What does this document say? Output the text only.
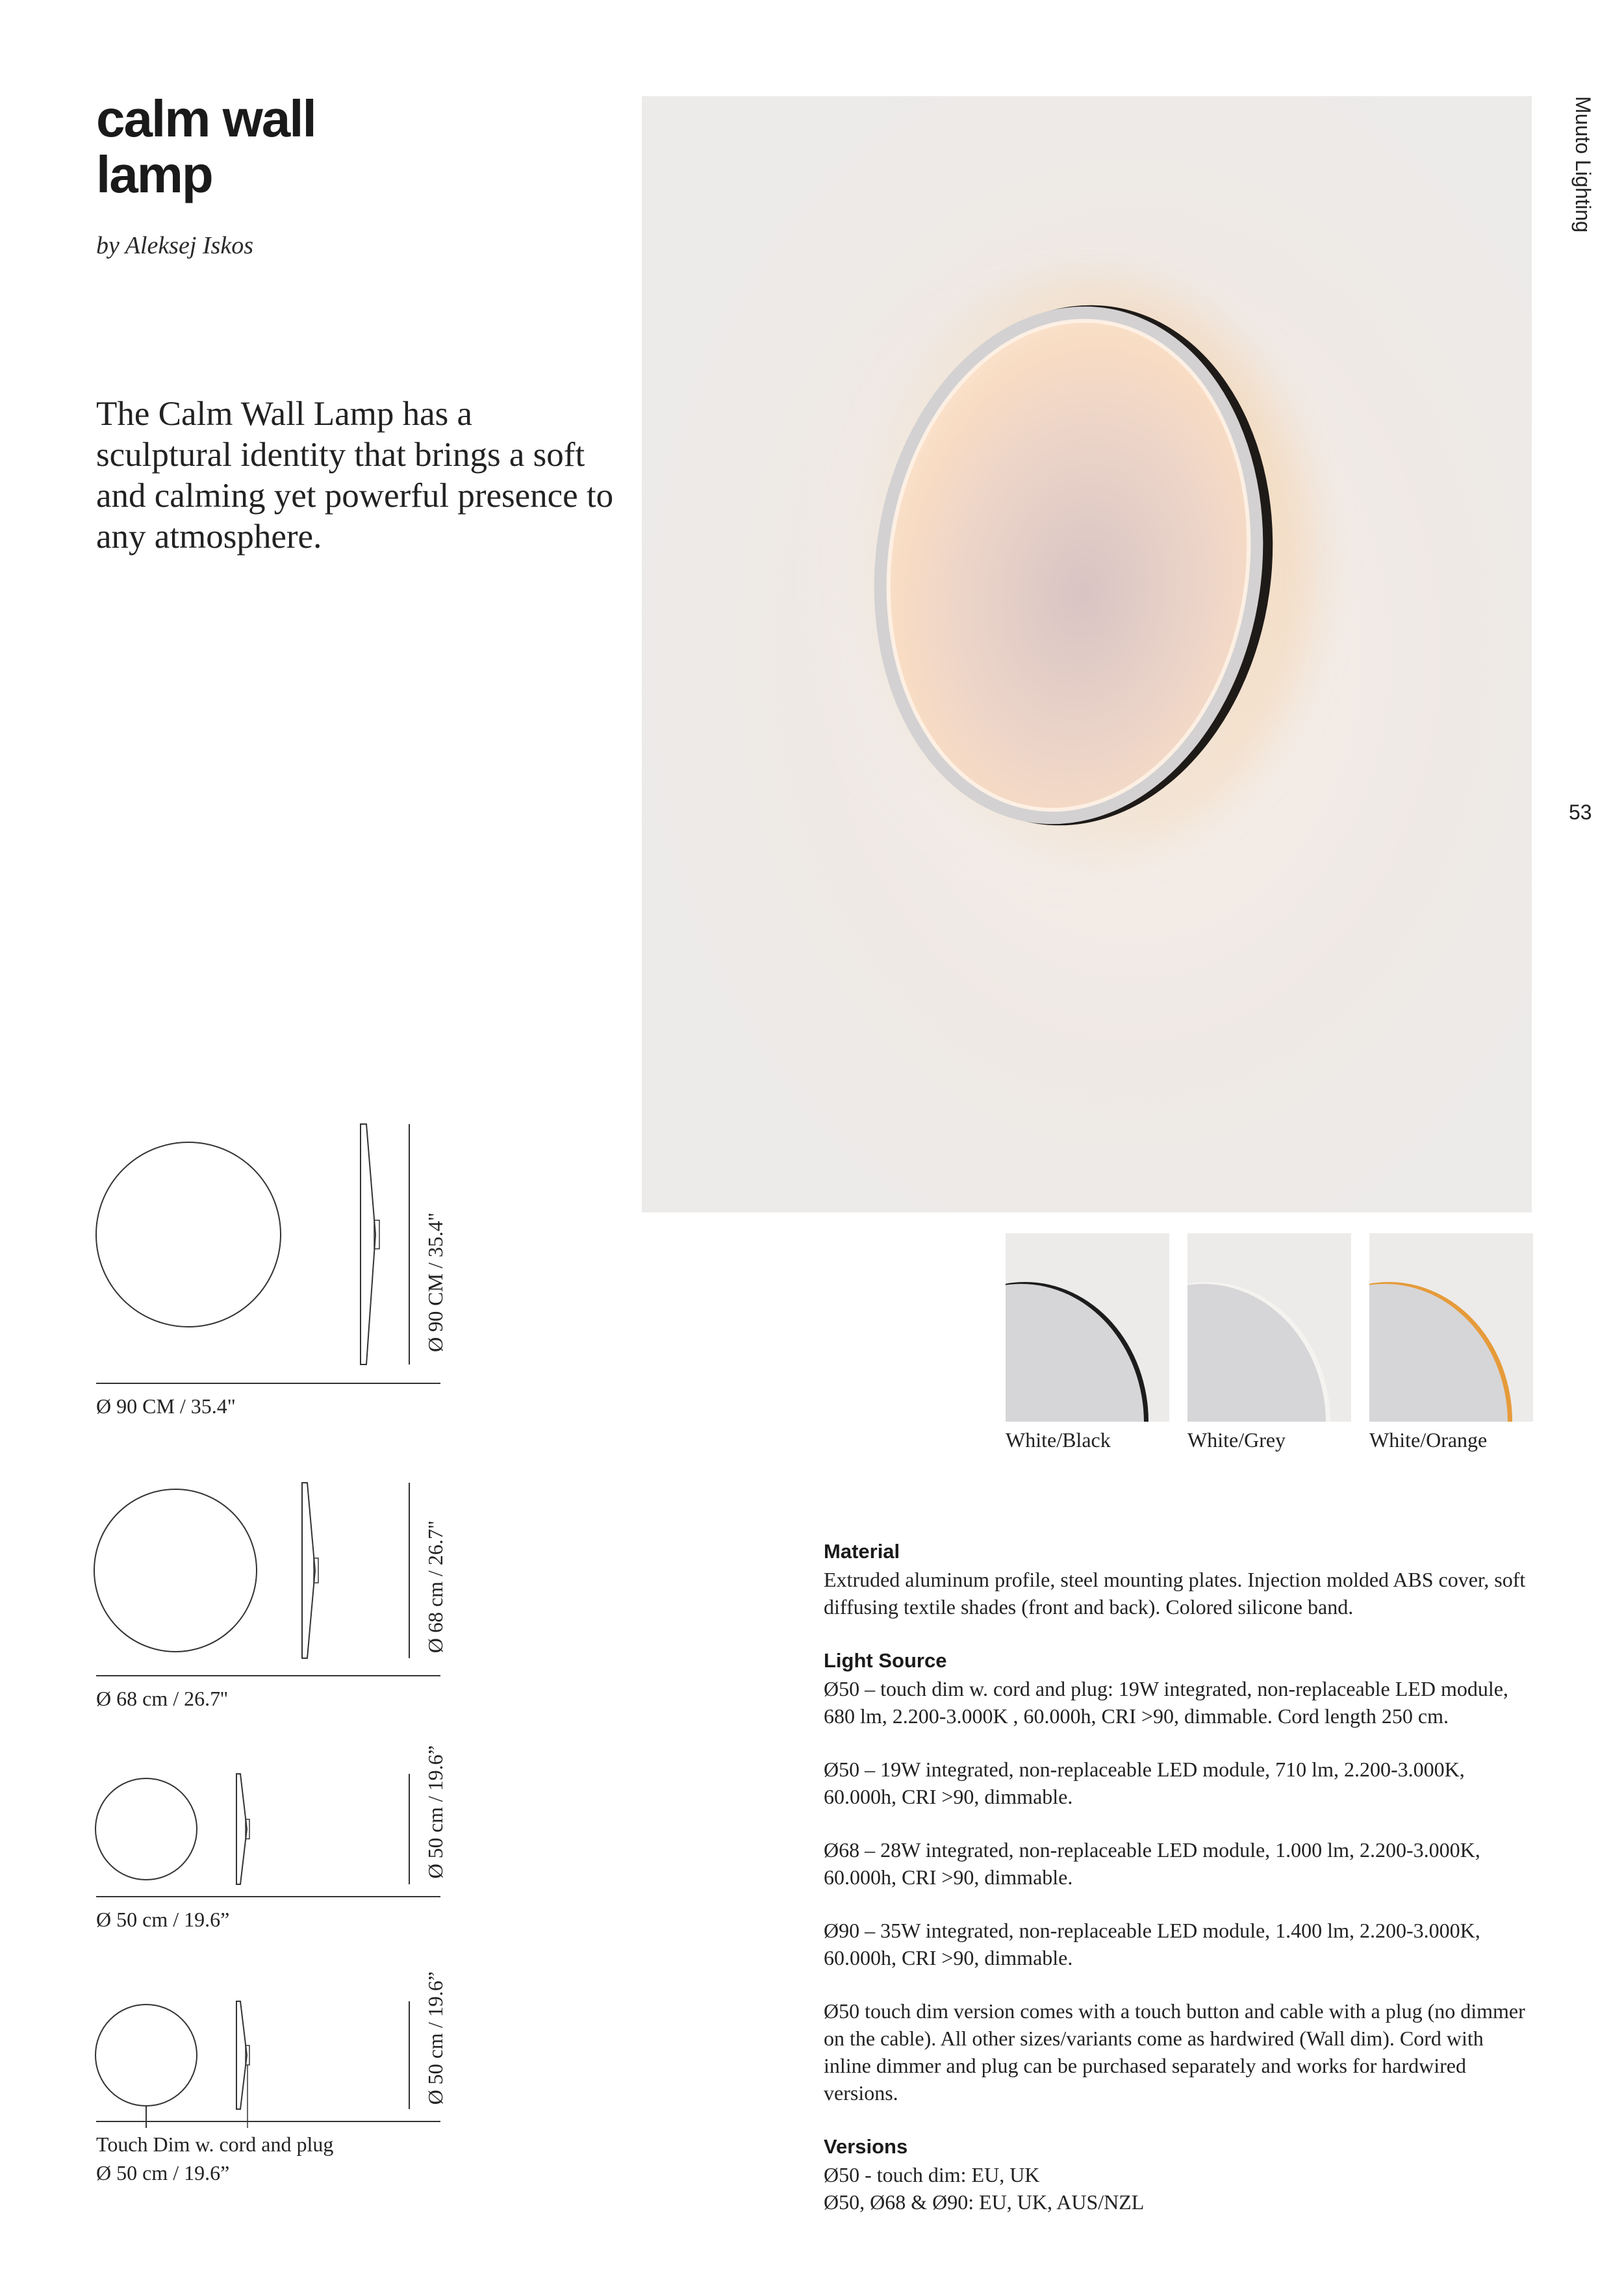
calm wall
lamp
by Aleksej Iskos
The Calm Wall Lamp has a sculptural identity that brings a soft and calming yet powerful presence to any atmosphere.
Muuto Lighting
53
White/Black	White/Grey	White/Orange
Ø 90 CM / 35.4"
Ø 90 CM / 35.4"
Ø 68 cm / 26.7"
Ø 68 cm / 26.7''
Ø 50 cm / 19.6”
Ø 50 cm / 19.6”
Ø 50 cm / 19.6”
Touch Dim w. cord and plug
Ø 50 cm / 19.6”
Material

Extruded aluminum profile, steel mounting plates. Injection molded ABS cover, soft diffusing textile shades (front and back). Colored silicone band.

Light Source

Ø50 – touch dim w. cord and plug: 19W integrated, non-replaceable LED module, 680 lm, 2.200-3.000K , 60.000h, CRI >90, dimmable. Cord length 250 cm.

Ø50 – 19W integrated, non-replaceable LED module, 710 lm, 2.200-3.000K, 60.000h, CRI >90, dimmable.

Ø68 – 28W integrated, non-replaceable LED module, 1.000 lm, 2.200-3.000K, 60.000h, CRI >90, dimmable.

Ø90 – 35W integrated, non-replaceable LED module, 1.400 lm, 2.200-3.000K, 60.000h, CRI >90, dimmable.

Ø50 touch dim version comes with a touch button and cable with a plug (no dimmer on the cable). All other sizes/variants come as hardwired (Wall dim). Cord with inline dimmer and plug can be purchased separately and works for hardwired versions.

Versions

Ø50 - touch dim: EU, UK

Ø50, Ø68 & Ø90: EU, UK, AUS/NZL
